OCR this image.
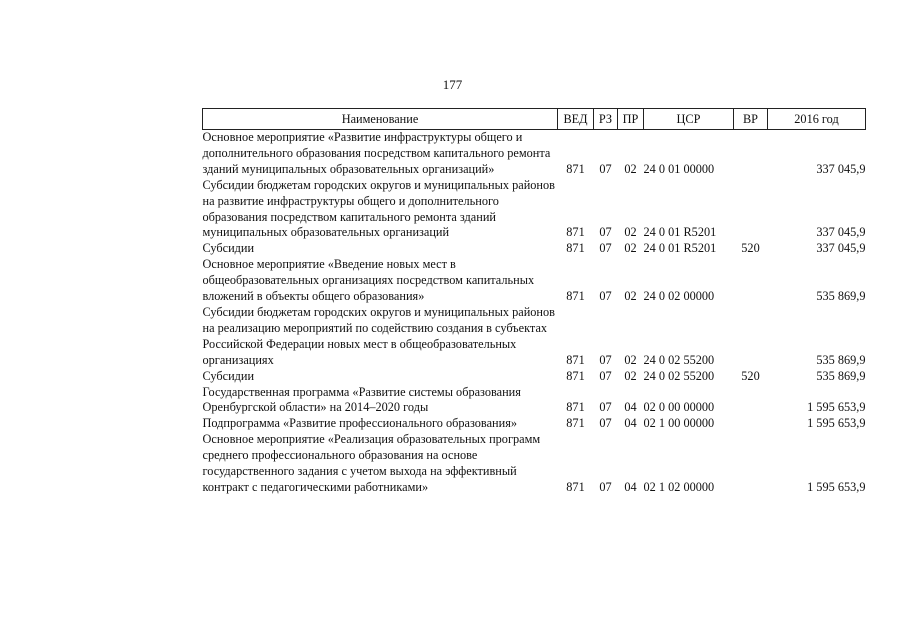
177
Наименование	ВЕД	РЗ	ПР	ЦСР	ВР	2016 год
Основное мероприятие «Развитие инфраструктуры общего и дополнительного образования посредством капитального ремонта зданий муниципальных образовательных организаций»	871	07	02	24 0 01 00000		337 045,9
Субсидии бюджетам городских округов и муниципальных районов на развитие инфраструктуры общего и дополнительного образования посредством капитального ремонта зданий муниципальных образовательных организаций	871	07	02	24 0 01 R5201		337 045,9
Субсидии	871	07	02	24 0 01 R5201	520	337 045,9
Основное мероприятие «Введение новых мест в общеобразовательных организациях посредством капитальных вложений в объекты общего образования»	871	07	02	24 0 02 00000		535 869,9
Субсидии бюджетам городских округов и муниципальных районов на реализацию мероприятий по содействию создания в субъектах Российской Федерации новых мест в общеобразовательных организациях	871	07	02	24 0 02 55200		535 869,9
Субсидии	871	07	02	24 0 02 55200	520	535 869,9
Государственная программа «Развитие системы образования Оренбургской области» на 2014–2020 годы	871	07	04	02 0 00 00000		1 595 653,9
Подпрограмма «Развитие профессионального образования»	871	07	04	02 1 00 00000		1 595 653,9
Основное мероприятие «Реализация образовательных программ среднего профессионального образования на основе государственного задания с учетом выхода на эффективный контракт с педагогическими работниками»	871	07	04	02 1 02 00000		1 595 653,9
